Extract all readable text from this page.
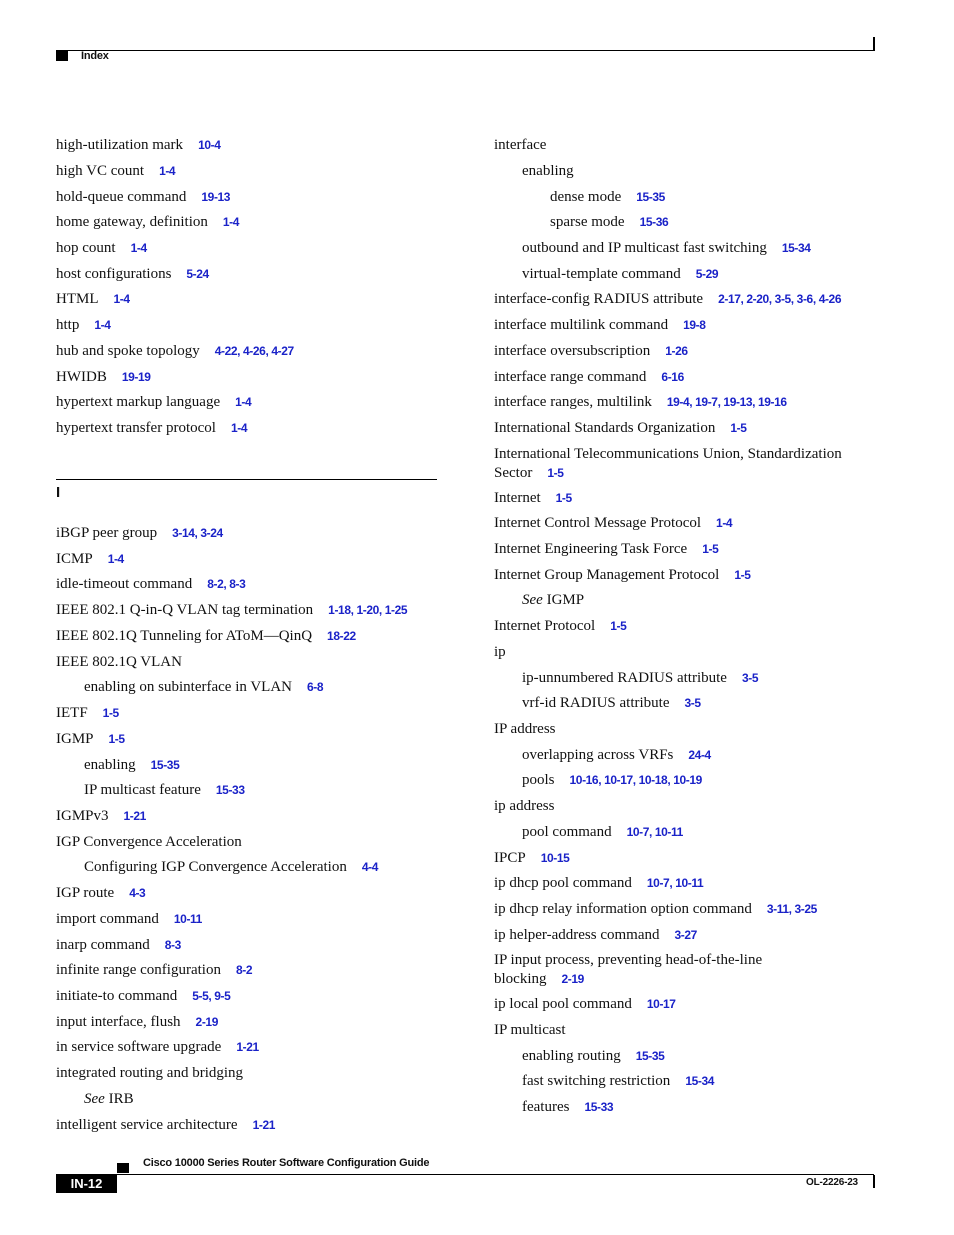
Index
high-utilization mark 10-4
high VC count 1-4
hold-queue command 19-13
home gateway, definition 1-4
hop count 1-4
host configurations 5-24
HTML 1-4
http 1-4
hub and spoke topology 4-22, 4-26, 4-27
HWIDB 19-19
hypertext markup language 1-4
hypertext transfer protocol 1-4
I
iBGP peer group 3-14, 3-24
ICMP 1-4
idle-timeout command 8-2, 8-3
IEEE 802.1 Q-in-Q VLAN tag termination 1-18, 1-20, 1-25
IEEE 802.1Q Tunneling for AToM—QinQ 18-22
IEEE 802.1Q VLAN
enabling on subinterface in VLAN 6-8
IETF 1-5
IGMP 1-5
enabling 15-35
IP multicast feature 15-33
IGMPv3 1-21
IGP Convergence Acceleration
Configuring IGP Convergence Acceleration 4-4
IGP route 4-3
import command 10-11
inarp command 8-3
infinite range configuration 8-2
initiate-to command 5-5, 9-5
input interface, flush 2-19
in service software upgrade 1-21
integrated routing and bridging
See IRB
intelligent service architecture 1-21
interface
enabling
dense mode 15-35
sparse mode 15-36
outbound and IP multicast fast switching 15-34
virtual-template command 5-29
interface-config RADIUS attribute 2-17, 2-20, 3-5, 3-6, 4-26
interface multilink command 19-8
interface oversubscription 1-26
interface range command 6-16
interface ranges, multilink 19-4, 19-7, 19-13, 19-16
International Standards Organization 1-5
International Telecommunications Union, Standardization Sector 1-5
Internet 1-5
Internet Control Message Protocol 1-4
Internet Engineering Task Force 1-5
Internet Group Management Protocol 1-5
See IGMP
Internet Protocol 1-5
ip
ip-unnumbered RADIUS attribute 3-5
vrf-id RADIUS attribute 3-5
IP address
overlapping across VRFs 24-4
pools 10-16, 10-17, 10-18, 10-19
ip address
pool command 10-7, 10-11
IPCP 10-15
ip dhcp pool command 10-7, 10-11
ip dhcp relay information option command 3-11, 3-25
ip helper-address command 3-27
IP input process, preventing head-of-the-line blocking 2-19
ip local pool command 10-17
IP multicast
enabling routing 15-35
fast switching restriction 15-34
features 15-33
Cisco 10000 Series Router Software Configuration Guide
IN-12	OL-2226-23
